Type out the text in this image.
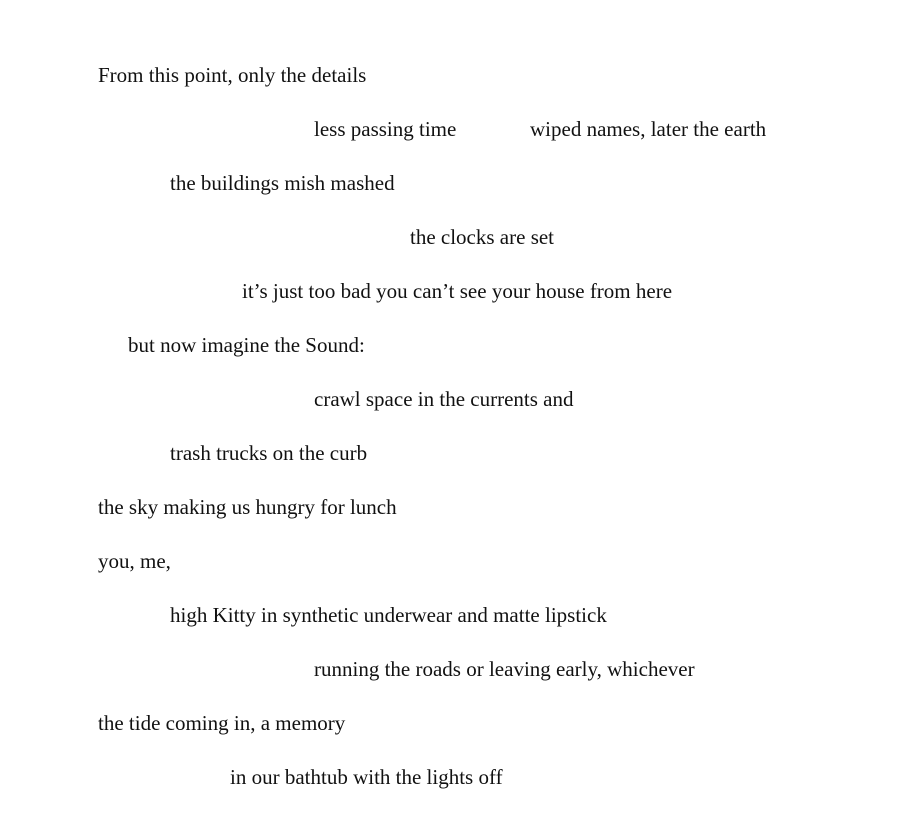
From this point, only the details
less passing time	wiped names, later the earth
the buildings mish mashed
the clocks are set
it’s just too bad you can’t see your house from here
but now imagine the Sound:
crawl space in the currents and
trash trucks on the curb
the sky making us hungry for lunch
you, me,
high Kitty in synthetic underwear and matte lipstick
running the roads or leaving early, whichever
the tide coming in, a memory
in our bathtub with the lights off
